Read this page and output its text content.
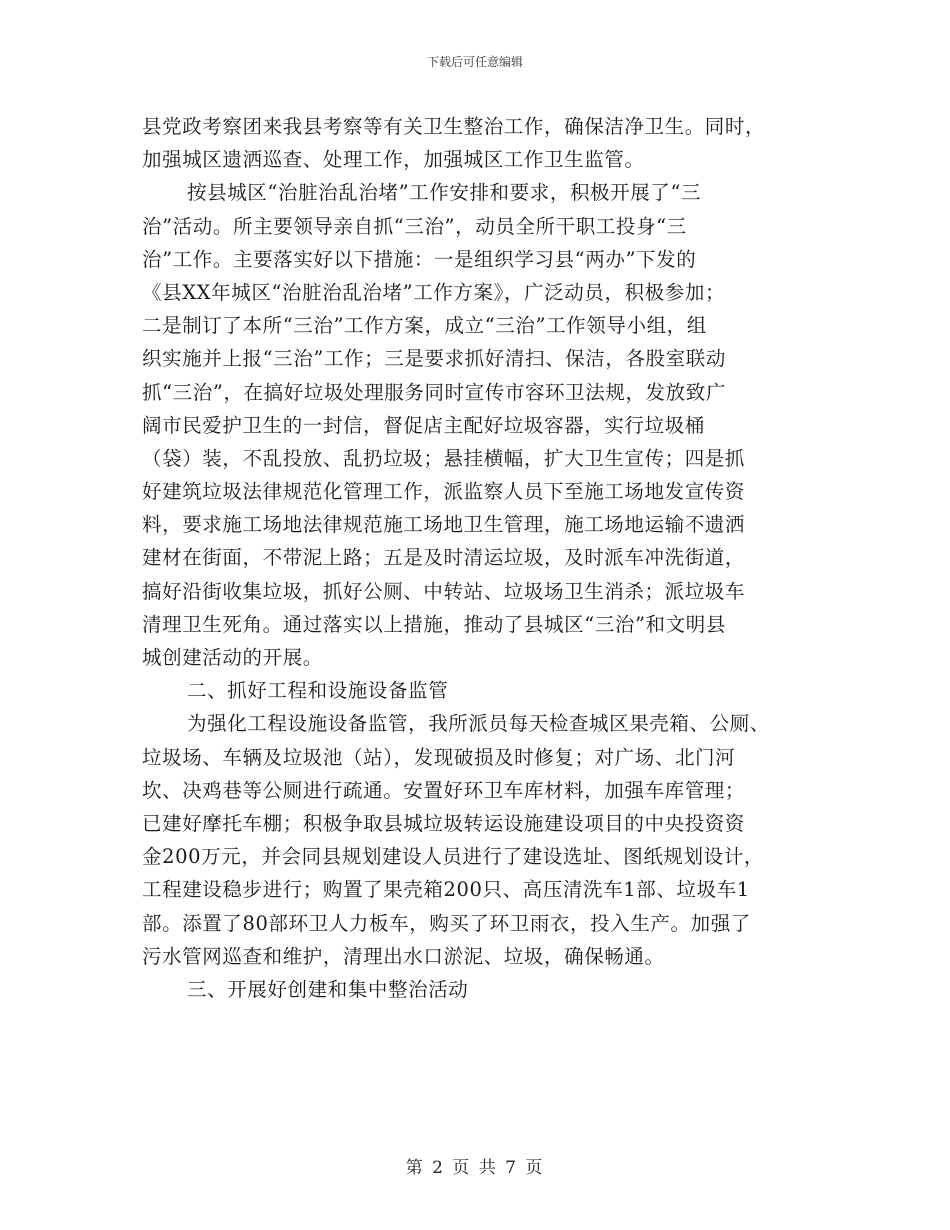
下载后可任意编辑
县党政考察团来我县考察等有关卫生整治工作，确保洁净卫生。同时，
加强城区遗洒巡查、处理工作，加强城区工作卫生监管。
按县城区“治脏治乱治堵”工作安排和要求，积极开展了“三
治”活动。所主要领导亲自抓“三治”，动员全所干职工投身“三
治”工作。主要落实好以下措施：一是组织学习县“两办”下发的
《县XX年城区“治脏治乱治堵”工作方案》，广泛动员，积极参加；
二是制订了本所“三治”工作方案，成立“三治”工作领导小组，组
织实施并上报“三治”工作；三是要求抓好清扫、保洁，各股室联动
抓“三治”，在搞好垃圾处理服务同时宣传市容环卫法规，发放致广
阔市民爱护卫生的一封信，督促店主配好垃圾容器，实行垃圾桶
（袋）装，不乱投放、乱扔垃圾；悬挂横幅，扩大卫生宣传；四是抓
好建筑垃圾法律规范化管理工作，派监察人员下至施工场地发宣传资
料，要求施工场地法律规范施工场地卫生管理，施工场地运输不遗洒
建材在街面，不带泥上路；五是及时清运垃圾，及时派车冲洗街道，
搞好沿街收集垃圾，抓好公厕、中转站、垃圾场卫生消杀；派垃圾车
清理卫生死角。通过落实以上措施，推动了县城区“三治”和文明县
城创建活动的开展。
二、抓好工程和设施设备监管
为强化工程设施设备监管，我所派员每天检查城区果壳箱、公厕、
垃圾场、车辆及垃圾池（站），发现破损及时修复；对广场、北门河
坎、决鸡巷等公厕进行疏通。安置好环卫车库材料，加强车库管理；
已建好摩托车棚；积极争取县城垃圾转运设施建设项目的中央投资资
金200万元，并会同县规划建设人员进行了建设选址、图纸规划设计，
工程建设稳步进行；购置了果壳箱200只、高压清洗车1部、垃圾车1
部。添置了80部环卫人力板车，购买了环卫雨衣，投入生产。加强了
污水管网巡查和维护，清理出水口淤泥、垃圾，确保畅通。
三、开展好创建和集中整治活动
第 2 页 共 7 页
